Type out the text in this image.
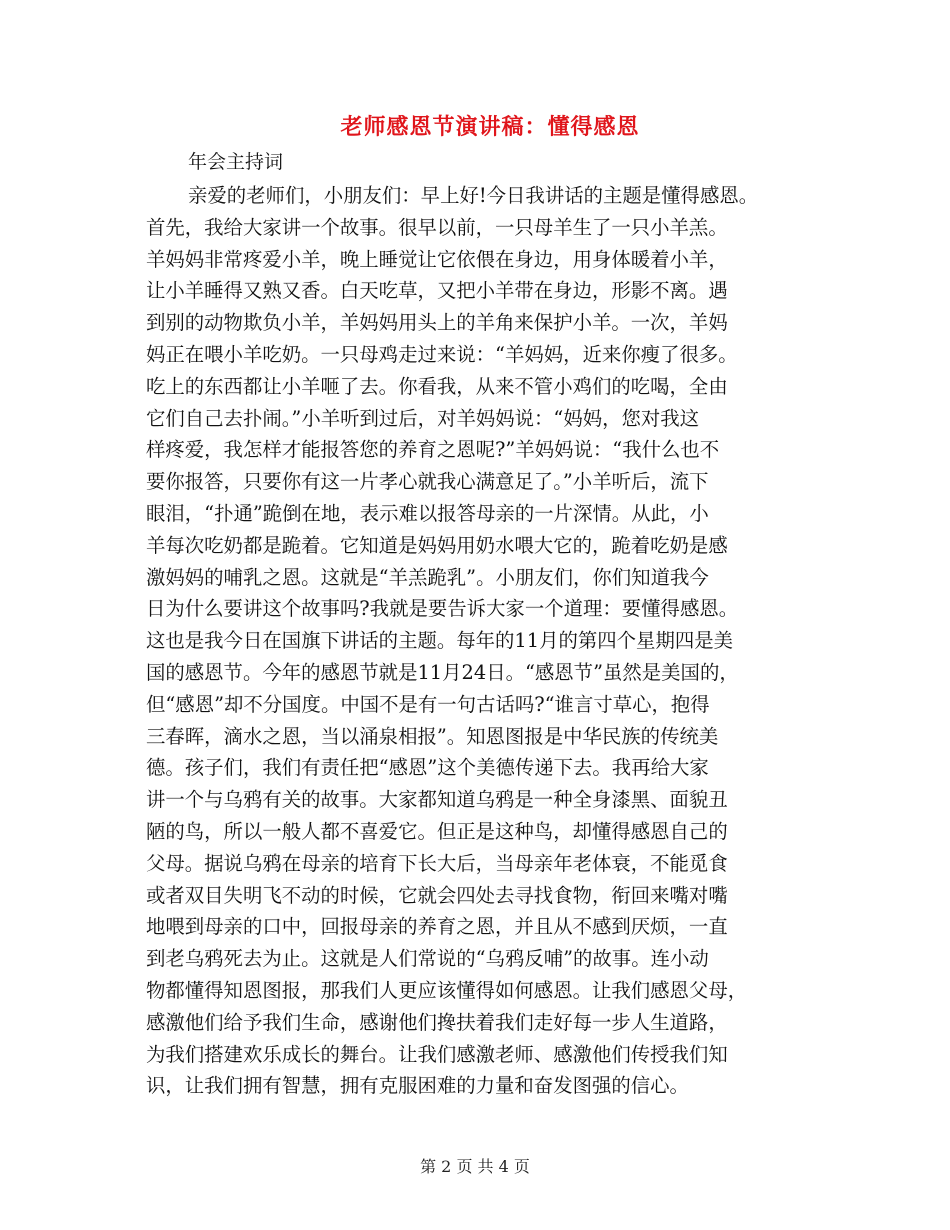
老师感恩节演讲稿：懂得感恩
年会主持词
亲爱的老师们，小朋友们：早上好!今日我讲话的主题是懂得感恩。
首先，我给大家讲一个故事。很早以前，一只母羊生了一只小羊羔。
羊妈妈非常疼爱小羊，晚上睡觉让它依偎在身边，用身体暖着小羊，
让小羊睡得又熟又香。白天吃草，又把小羊带在身边，形影不离。遇
到别的动物欺负小羊，羊妈妈用头上的羊角来保护小羊。一次，羊妈
妈正在喂小羊吃奶。一只母鸡走过来说：“羊妈妈，近来你瘦了很多。
吃上的东西都让小羊咂了去。你看我，从来不管小鸡们的吃喝，全由
它们自己去扑闹。”小羊听到过后，对羊妈妈说：“妈妈，您对我这
样疼爱，我怎样才能报答您的养育之恩呢?”羊妈妈说：“我什么也不
要你报答，只要你有这一片孝心就我心满意足了。”小羊听后，流下
眼泪，“扑通”跪倒在地，表示难以报答母亲的一片深情。从此，小
羊每次吃奶都是跪着。它知道是妈妈用奶水喂大它的，跪着吃奶是感
激妈妈的哺乳之恩。这就是“羊羔跪乳”。小朋友们，你们知道我今
日为什么要讲这个故事吗?我就是要告诉大家一个道理：要懂得感恩。
这也是我今日在国旗下讲话的主题。每年的11月的第四个星期四是美
国的感恩节。今年的感恩节就是11月24日。“感恩节”虽然是美国的，
但“感恩”却不分国度。中国不是有一句古话吗?“谁言寸草心，抱得
三春晖，滴水之恩，当以涌泉相报”。知恩图报是中华民族的传统美
德。孩子们，我们有责任把“感恩”这个美德传递下去。我再给大家
讲一个与乌鸦有关的故事。大家都知道乌鸦是一种全身漆黑、面貌丑
陋的鸟，所以一般人都不喜爱它。但正是这种鸟，却懂得感恩自己的
父母。据说乌鸦在母亲的培育下长大后，当母亲年老体衰，不能觅食
或者双目失明飞不动的时候，它就会四处去寻找食物，衔回来嘴对嘴
地喂到母亲的口中，回报母亲的养育之恩，并且从不感到厌烦，一直
到老乌鸦死去为止。这就是人们常说的“乌鸦反哺”的故事。连小动
物都懂得知恩图报，那我们人更应该懂得如何感恩。让我们感恩父母，
感激他们给予我们生命，感谢他们搀扶着我们走好每一步人生道路，
为我们搭建欢乐成长的舞台。让我们感激老师、感激他们传授我们知
识，让我们拥有智慧，拥有克服困难的力量和奋发图强的信心。
第 2 页 共 4 页
